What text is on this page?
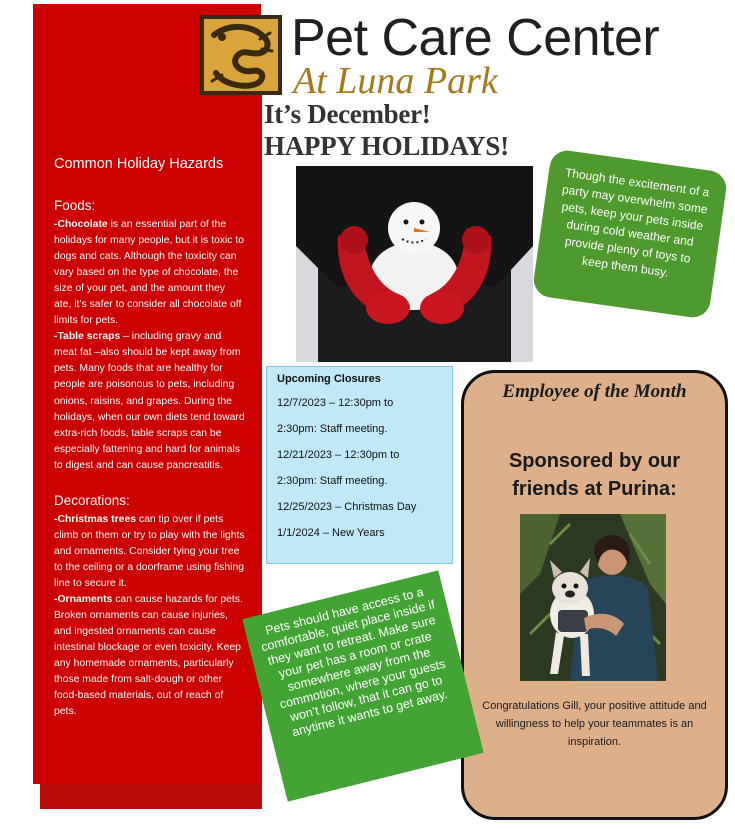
Common Holiday Hazards
Foods:

-Chocolate is an essential part of the holidays for many people, but it is toxic to dogs and cats. Although the toxicity can vary based on the type of chocolate, the size of your pet, and the amount they ate, it’s safer to consider all chocolate off limits for pets.

-Table scraps – including gravy and meat fat –also should be kept away from pets. Many foods that are healthy for people are poisonous to pets, including onions, raisins, and grapes. During the holidays, when our own diets tend toward extra-rich foods, table scraps can be especially fattening and hard for animals to digest and can cause pancreatitis.

Decorations:

-Christmas trees can tip over if pets climb on them or try to play with the lights and ornaments. Consider tying your tree to the ceiling or a doorframe using fishing line to secure it.

-Ornaments can cause hazards for pets. Broken ornaments can cause injuries, and ingested ornaments can cause intestinal blockage or even toxicity. Keep any homemade ornaments, particularly those made from salt-dough or other food-based materials, out of reach of pets.

Pet Care Center
At Luna Park
It’s December!
HAPPY HOLIDAYS!
Though the excitement of a party may overwhelm some pets, keep your pets inside during cold weather and provide plenty of toys to keep them busy.
Upcoming Closures
12/7/2023 – 12:30pm to
2:30pm: Staff meeting.
12/21/2023 – 12:30pm to
2:30pm: Staff meeting.
12/25/2023 – Christmas Day
1/1/2024 – New Years
Employee of the Month
Sponsored by our
friends at Purina:
Congratulations Gill, your positive attitude and willingness to help your teammates is an inspiration.
Pets should have access to a comfortable, quiet place inside if they want to retreat. Make sure your pet has a room or crate somewhere away from the commotion, where your guests won’t follow, that it can go to anytime it wants to get away.
